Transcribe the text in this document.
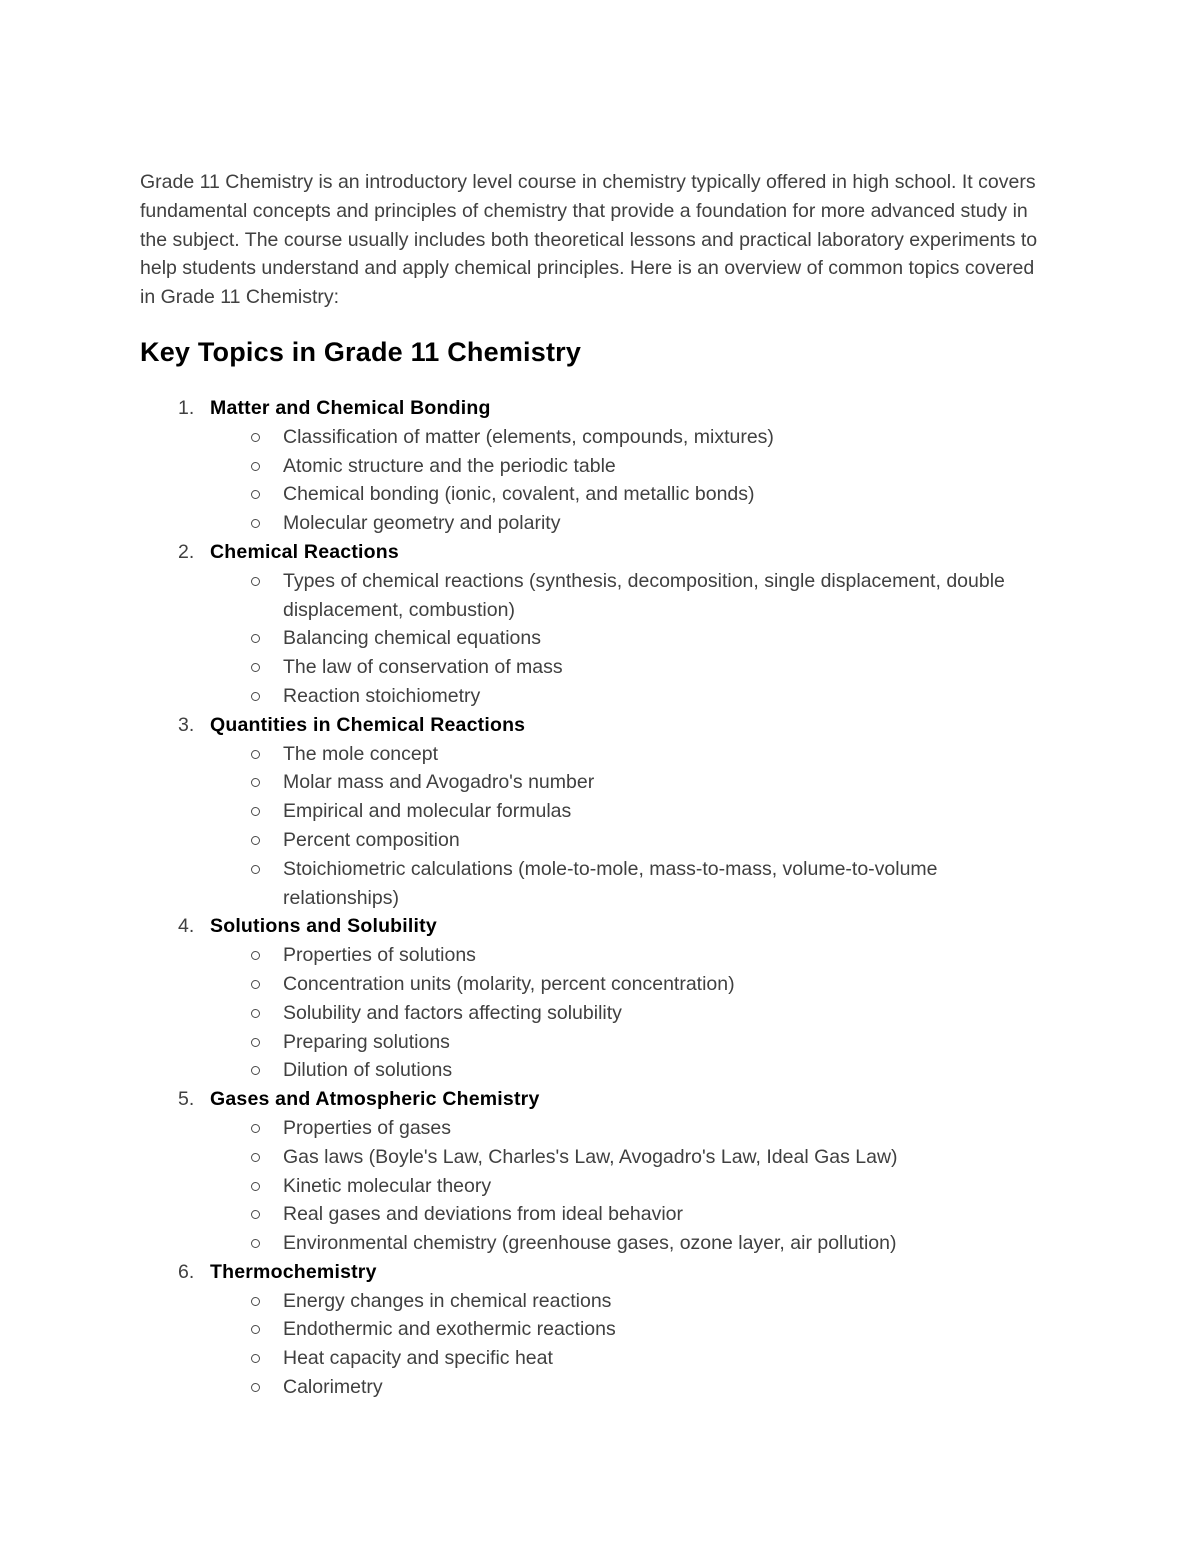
Grade 11 Chemistry is an introductory level course in chemistry typically offered in high school. It covers fundamental concepts and principles of chemistry that provide a foundation for more advanced study in the subject. The course usually includes both theoretical lessons and practical laboratory experiments to help students understand and apply chemical principles. Here is an overview of common topics covered in Grade 11 Chemistry:

Key Topics in Grade 11 Chemistry
1. Matter and Chemical Bonding
Classification of matter (elements, compounds, mixtures)
Atomic structure and the periodic table
Chemical bonding (ionic, covalent, and metallic bonds)
Molecular geometry and polarity
2. Chemical Reactions
Types of chemical reactions (synthesis, decomposition, single displacement, double displacement, combustion)
Balancing chemical equations
The law of conservation of mass
Reaction stoichiometry
3. Quantities in Chemical Reactions
The mole concept
Molar mass and Avogadro's number
Empirical and molecular formulas
Percent composition
Stoichiometric calculations (mole-to-mole, mass-to-mass, volume-to-volume relationships)
4. Solutions and Solubility
Properties of solutions
Concentration units (molarity, percent concentration)
Solubility and factors affecting solubility
Preparing solutions
Dilution of solutions
5. Gases and Atmospheric Chemistry
Properties of gases
Gas laws (Boyle's Law, Charles's Law, Avogadro's Law, Ideal Gas Law)
Kinetic molecular theory
Real gases and deviations from ideal behavior
Environmental chemistry (greenhouse gases, ozone layer, air pollution)
6. Thermochemistry
Energy changes in chemical reactions
Endothermic and exothermic reactions
Heat capacity and specific heat
Calorimetry
